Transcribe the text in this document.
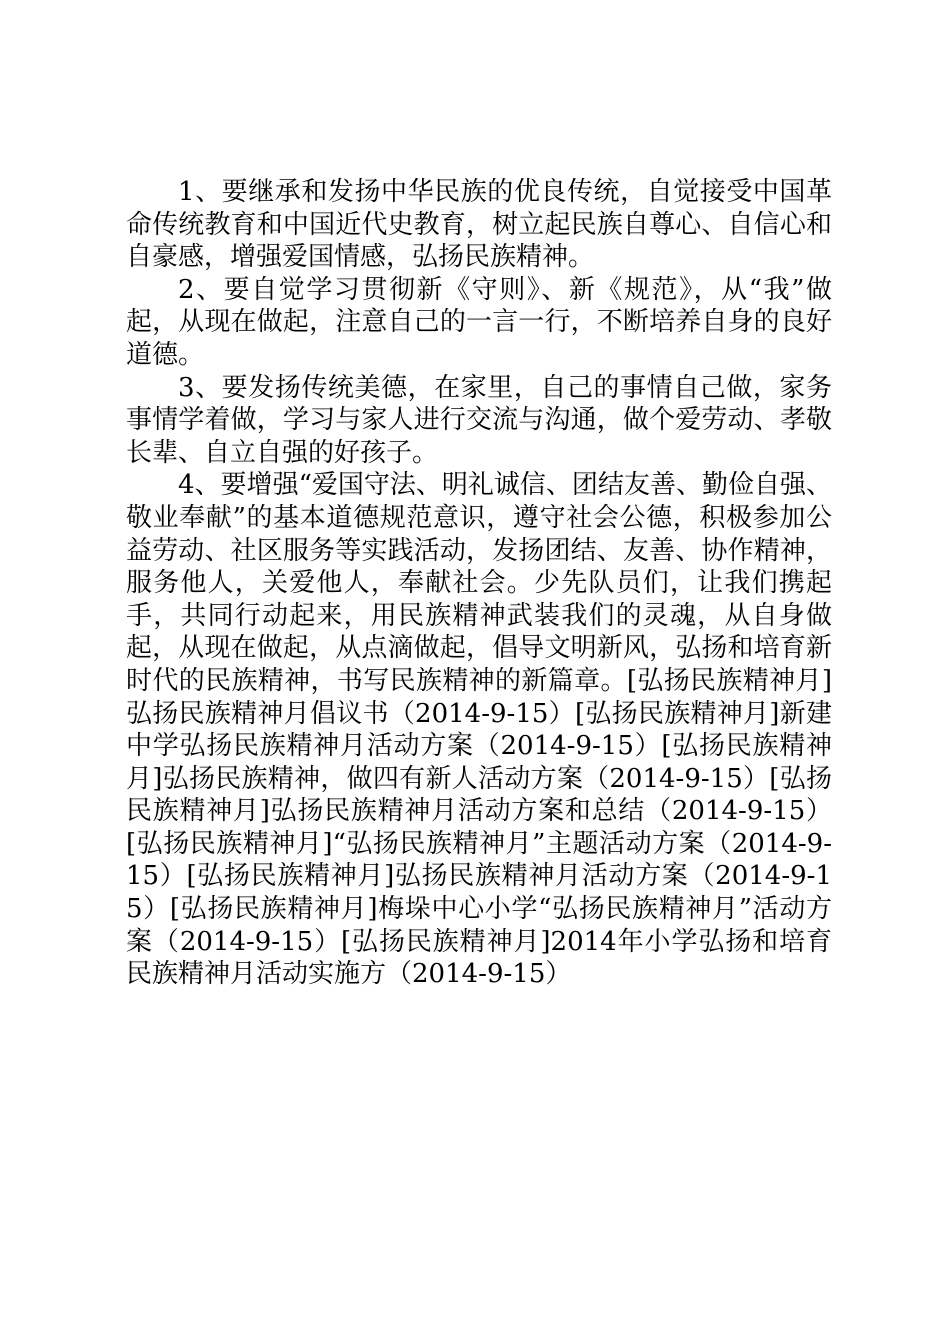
1、要继承和发扬中华民族的优良传统，自觉接受中国革命传统教育和中国近代史教育，树立起民族自尊心、自信心和自豪感，增强爱国情感，弘扬民族精神。

2、要自觉学习贯彻新《守则》、新《规范》，从“我”做起，从现在做起，注意自己的一言一行，不断培养自身的良好道德。

3、要发扬传统美德，在家里，自己的事情自己做，家务事情学着做，学习与家人进行交流与沟通，做个爱劳动、孝敬长辈、自立自强的好孩子。

4、要增强“爱国守法、明礼诚信、团结友善、勤俭自强、敬业奉献”的基本道德规范意识，遵守社会公德，积极参加公益劳动、社区服务等实践活动，发扬团结、友善、协作精神，服务他人，关爱他人，奉献社会。少先队员们，让我们携起手，共同行动起来，用民族精神武装我们的灵魂，从自身做起，从现在做起，从点滴做起，倡导文明新风，弘扬和培育新时代的民族精神，书写民族精神的新篇章。[弘扬民族精神月]弘扬民族精神月倡议书（2014-9-15）[弘扬民族精神月]新建中学弘扬民族精神月活动方案（2014-9-15）[弘扬民族精神月]弘扬民族精神，做四有新人活动方案（2014-9-15）[弘扬民族精神月]弘扬民族精神月活动方案和总结（2014-9-15）[弘扬民族精神月]“弘扬民族精神月”主题活动方案（2014-9-15）[弘扬民族精神月]弘扬民族精神月活动方案（2014-9-15）[弘扬民族精神月]梅垛中心小学“弘扬民族精神月”活动方案（2014-9-15）[弘扬民族精神月]2014年小学弘扬和培育民族精神月活动实施方（2014-9-15）
